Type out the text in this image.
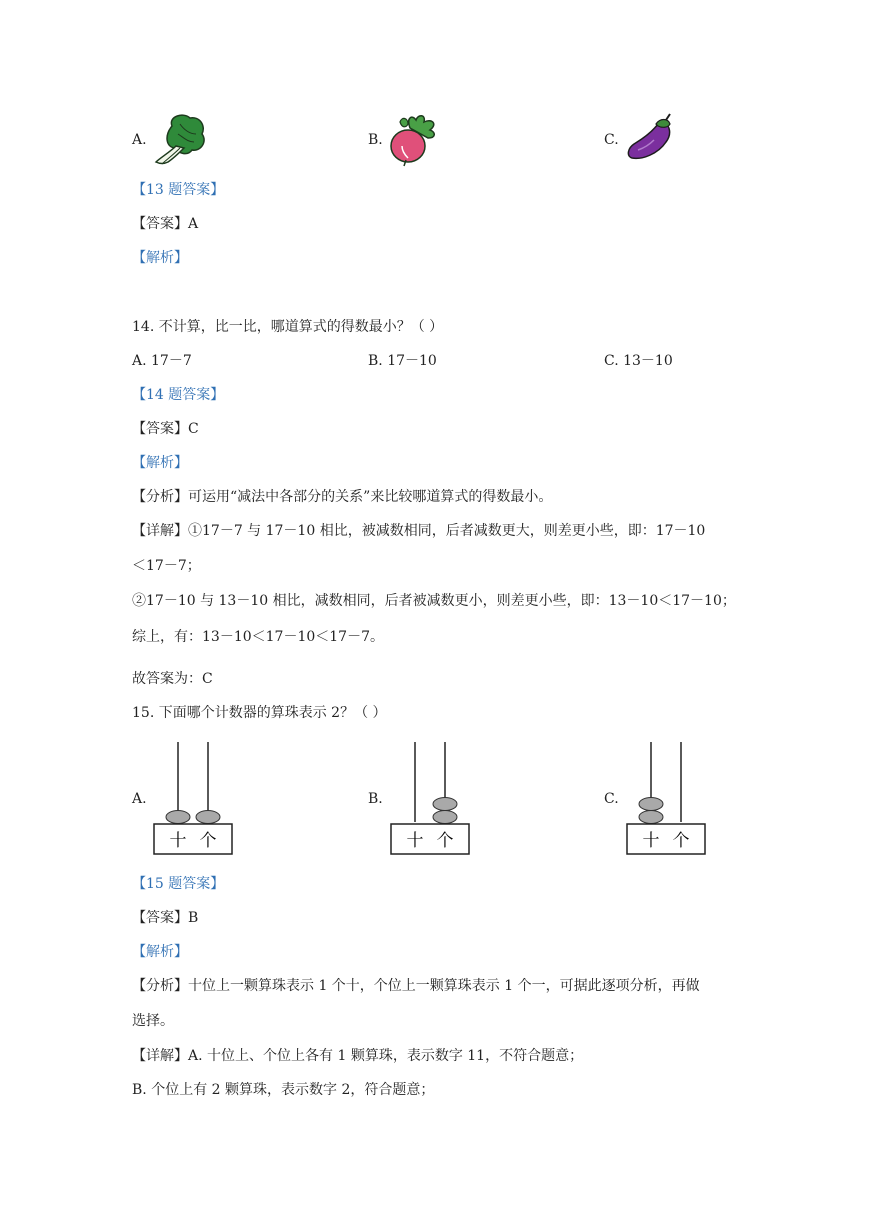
A.	B.	C.
【13 题答案】
【答案】A
【解析】
14. 不计算，比一比，哪道算式的得数最小？（ ）
A. 17－7	B. 17－10	C. 13－10
【14 题答案】
【答案】C
【解析】
【分析】可运用“减法中各部分的关系”来比较哪道算式的得数最小。
【详解】①17－7 与 17－10 相比，被减数相同，后者减数更大，则差更小些，即：17－10
＜17－7；
②17－10 与 13－10 相比，减数相同，后者被减数更小，则差更小些，即：13－10＜17－10；
综上，有：13－10＜17－10＜17－7。
故答案为：C
15. 下面哪个计数器的算珠表示 2？（ ）
A.
十 个
B.
十 个
C.
十 个
【15 题答案】
【答案】B
【解析】
【分析】十位上一颗算珠表示 1 个十，个位上一颗算珠表示 1 个一，可据此逐项分析，再做
选择。
【详解】A. 十位上、个位上各有 1 颗算珠，表示数字 11，不符合题意；
B. 个位上有 2 颗算珠，表示数字 2，符合题意；
